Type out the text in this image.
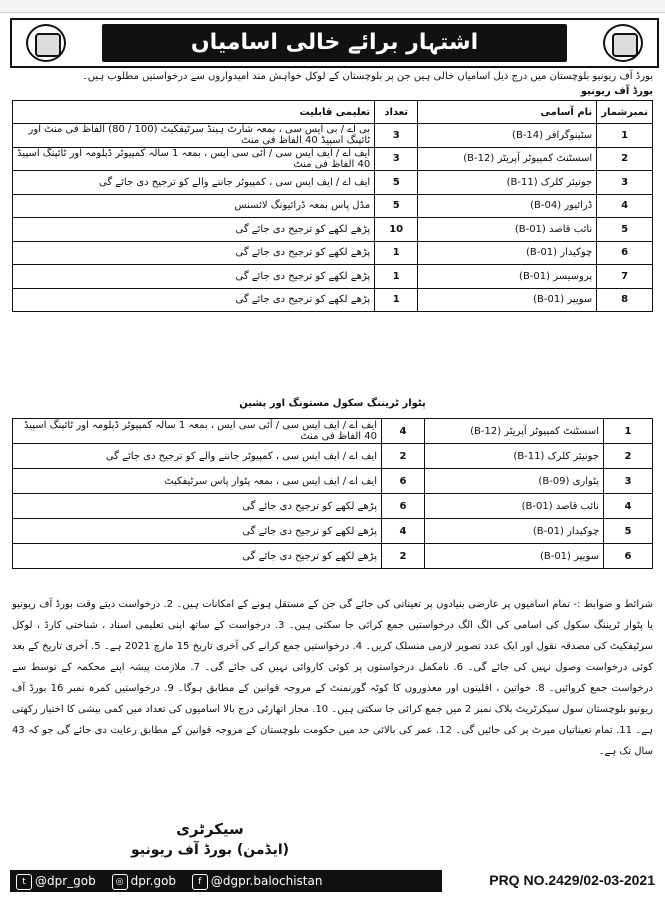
اشتہار برائے خالی اسامیاں
بورڈ آف ریونیو بلوچستان میں درج ذیل اسامیاں خالی ہیں جن پر بلوچستان کے لوکل خواہش مند امیدواروں سے درخواستیں مطلوب ہیں۔
بورڈ آف ریونیو
نمبرشمار	نام آسامی	تعداد	تعلیمی قابلیت
1	سٹینوگرافر (B-14)	3	بی اے / بی ایس سی ، بمعہ شارٹ ہینڈ سرٹیفکیٹ (100 / 80) الفاظ فی منٹ اور ٹائپنگ اسپیڈ 40 الفاظ فی منٹ
2	اسسٹنٹ کمپیوٹر آپریٹر (B-12)	3	ایف اے / ایف ایس سی / آئی سی ایس ، بمعہ 1 سالہ کمپیوٹر ڈپلومہ اور ٹائپنگ اسپیڈ 40 الفاظ فی منٹ
3	جونیئر کلرک (B-11)	5	ایف اے / ایف ایس سی ، کمپیوٹر جاننے والے کو ترجیح دی جائے گی
4	ڈرائیور (B-04)	5	مڈل پاس بمعہ ڈرائیونگ لائسنس
5	نائب قاصد (B-01)	10	پڑھے لکھے کو ترجیح دی جائے گی
6	چوکیدار (B-01)	1	پڑھے لکھے کو ترجیح دی جائے گی
7	پروسیسر (B-01)	1	پڑھے لکھے کو ترجیح دی جائے گی
8	سویپر (B-01)	1	پڑھے لکھے کو ترجیح دی جائے گی
پٹوار ٹریننگ سکول مستونگ اور پشین
1	اسسٹنٹ کمپیوٹر آپریٹر (B-12)	4	ایف اے / ایف ایس سی / آئی سی ایس ، بمعہ 1 سالہ کمپیوٹر ڈپلومہ اور ٹائپنگ اسپیڈ 40 الفاظ فی منٹ
2	جونیئر کلرک (B-11)	2	ایف اے / ایف ایس سی ، کمپیوٹر جاننے والے کو ترجیح دی جائے گی
3	پٹواری (B-09)	6	ایف اے / ایف ایس سی ، بمعہ پٹوار پاس سرٹیفکیٹ
4	نائب قاصد (B-01)	6	پڑھے لکھے کو ترجیح دی جائے گی
5	چوکیدار (B-01)	4	پڑھے لکھے کو ترجیح دی جائے گی
6	سویپر (B-01)	2	پڑھے لکھے کو ترجیح دی جائے گی
شرائط و ضوابط :- تمام اسامیوں پر عارضی بنیادوں پر تعیناتی کی جائے گی جن کے مستقل ہونے کے امکانات ہیں۔ 2. درخواست دیتے وقت بورڈ آف ریونیو یا پٹوار ٹریننگ سکول کی اسامی کی الگ الگ درخواستیں جمع کرائی جا سکتی ہیں۔ 3. درخواست کے ساتھ اپنی تعلیمی اسناد ، شناختی کارڈ ، لوکل سرٹیفکیٹ کی مصدقہ نقول اور ایک عدد تصویر لازمی منسلک کریں۔ 4. درخواستیں جمع کرانے کی آخری تاریخ 15 مارچ 2021 ہے۔ 5. آخری تاریخ کے بعد کوئی درخواست وصول نہیں کی جائے گی۔ 6. نامکمل درخواستوں پر کوئی کاروائی نہیں کی جائے گی۔ 7. ملازمت پیشہ اپنے محکمہ کے توسط سے درخواست جمع کروائیں۔ 8. خواتین ، اقلیتوں اور معذوروں کا کوٹہ گورنمنٹ کے مروجہ قوانین کے مطابق ہوگا۔ 9. درخواستیں کمرہ نمبر 16 بورڈ آف ریونیو بلوچستان سول سیکرٹریٹ بلاک نمبر 2 میں جمع کرائی جا سکتی ہیں۔ 10. مجاز اتھارٹی درج بالا اسامیوں کی تعداد میں کمی بیشی کا اختیار رکھتی ہے۔ 11. تمام تعیناتیاں میرٹ پر کی جائیں گی۔ 12. عمر کی بالائی حد میں حکومت بلوچستان کے مروجہ قوانین کے مطابق رعایت دی جائے گی جو کہ 43 سال تک ہے۔
سیکرٹری
(ایڈمن) بورڈ آف ریونیو
t @dpr_gob ◎ dpr.gob f @dgpr.balochistan	PRQ NO.2429/02-03-2021
